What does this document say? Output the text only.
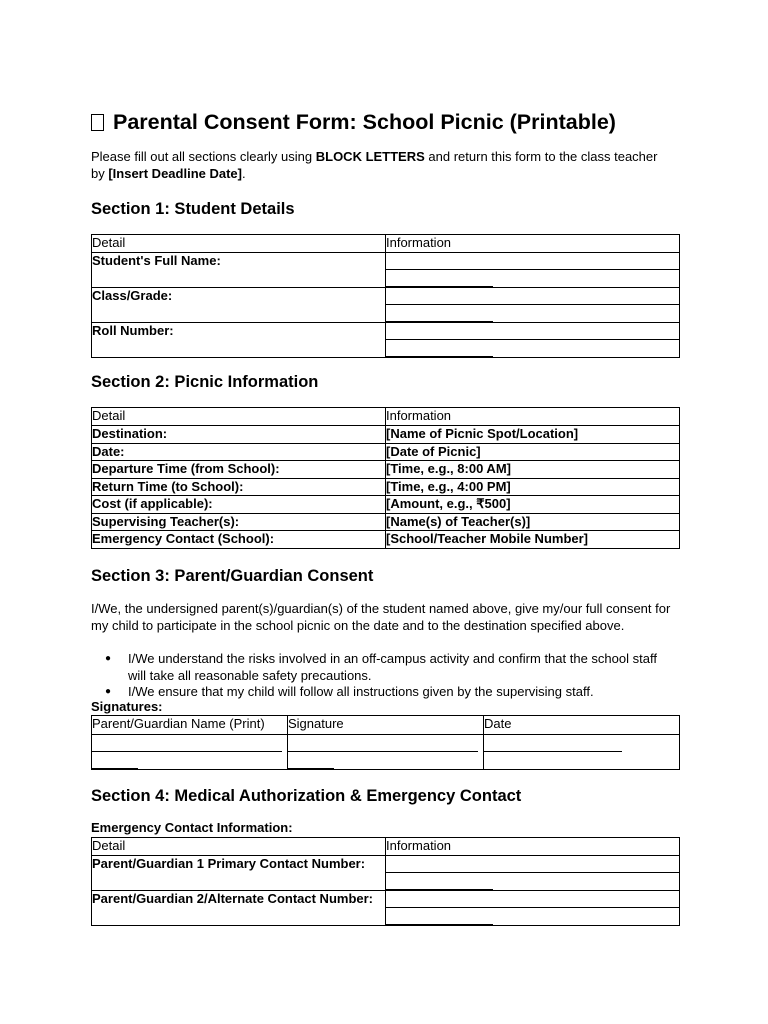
Parental Consent Form: School Picnic (Printable)
Please fill out all sections clearly using BLOCK LETTERS and return this form to the class teacher by [Insert Deadline Date].
Section 1: Student Details
Detail	Information
Student's Full Name:	

Class/Grade:	

Roll Number:	
Section 2: Picnic Information
Detail	Information
Destination:	[Name of Picnic Spot/Location]
Date:	[Date of Picnic]
Departure Time (from School):	[Time, e.g., 8:00 AM]
Return Time (to School):	[Time, e.g., 4:00 PM]
Cost (if applicable):	[Amount, e.g., ₹500]
Supervising Teacher(s):	[Name(s) of Teacher(s)]
Emergency Contact (School):	[School/Teacher Mobile Number]
Section 3: Parent/Guardian Consent
I/We, the undersigned parent(s)/guardian(s) of the student named above, give my/our full consent for my child to participate in the school picnic on the date and to the destination specified above.
● I/We understand the risks involved in an off-campus activity and confirm that the school staff will take all reasonable safety precautions.
● I/We ensure that my child will follow all instructions given by the supervising staff.
Signatures:
Parent/Guardian Name (Print)	Signature	Date

Section 4: Medical Authorization & Emergency Contact
Emergency Contact Information:
Detail	Information
Parent/Guardian 1 Primary Contact Number:	

Parent/Guardian 2/Alternate Contact Number:	
